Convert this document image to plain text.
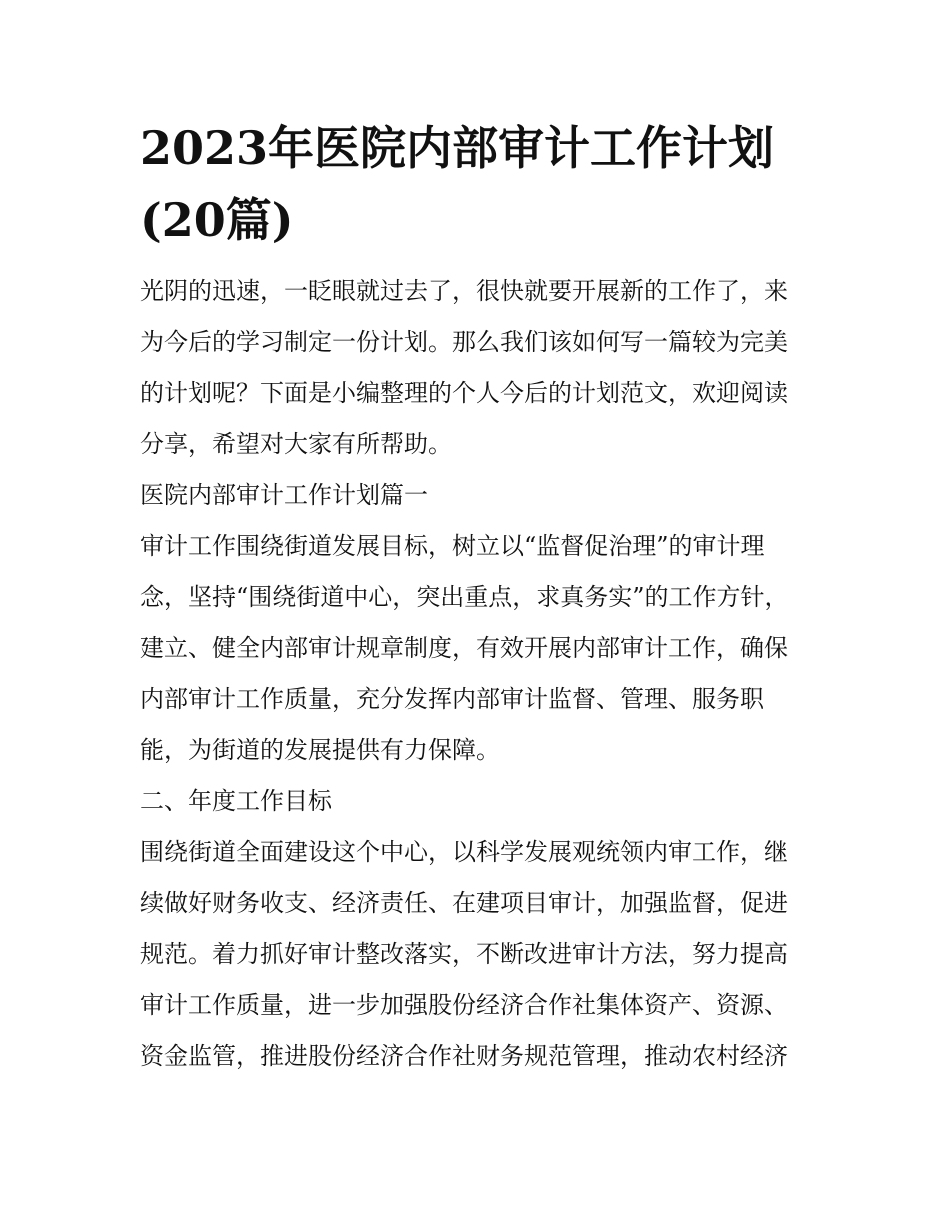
2023年医院内部审计工作计划
(20篇)

光阴的迅速，一眨眼就过去了，很快就要开展新的工作了，来
为今后的学习制定一份计划。那么我们该如何写一篇较为完美
的计划呢？下面是小编整理的个人今后的计划范文，欢迎阅读
分享，希望对大家有所帮助。

医院内部审计工作计划篇一

审计工作围绕街道发展目标，树立以“监督促治理”的审计理
念，坚持“围绕街道中心，突出重点，求真务实”的工作方针，
建立、健全内部审计规章制度，有效开展内部审计工作，确保
内部审计工作质量，充分发挥内部审计监督、管理、服务职
能，为街道的发展提供有力保障。

二、年度工作目标

围绕街道全面建设这个中心，以科学发展观统领内审工作，继
续做好财务收支、经济责任、在建项目审计，加强监督，促进
规范。着力抓好审计整改落实，不断改进审计方法，努力提高
审计工作质量，进一步加强股份经济合作社集体资产、资源、
资金监管，推进股份经济合作社财务规范管理，推动农村经济
